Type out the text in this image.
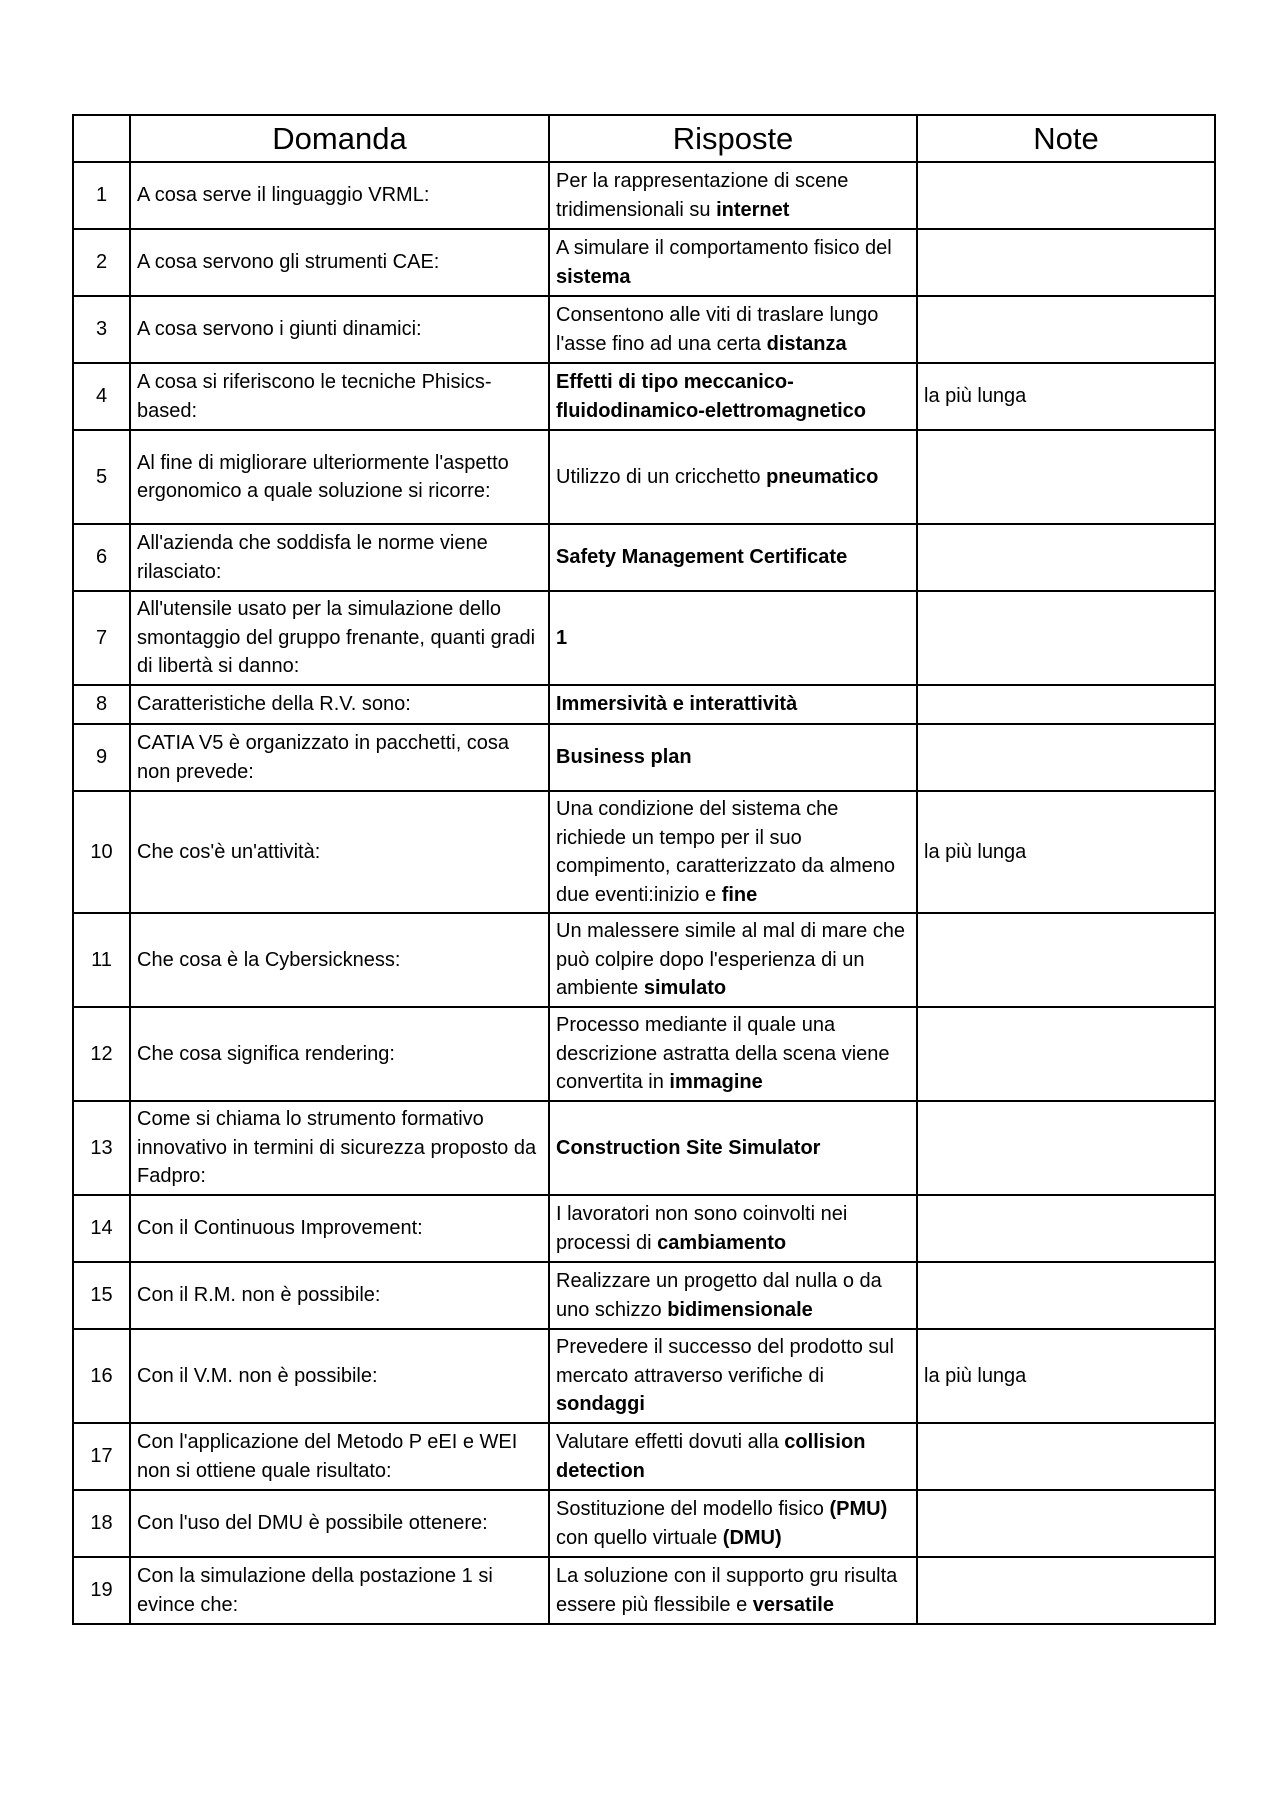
	Domanda	Risposte	Note
1	A cosa serve il linguaggio VRML:	Per la rappresentazione di scene tridimensionali su internet	
2	A cosa servono gli strumenti CAE:	A simulare il comportamento fisico del sistema	
3	A cosa servono i giunti dinamici:	Consentono alle viti di traslare lungo l'asse fino ad una certa distanza	
4	A cosa si riferiscono le tecniche Phisics-based:	Effetti di tipo meccanico-fluidodinamico-elettromagnetico	la più lunga
5	Al fine di migliorare ulteriormente l'aspetto ergonomico a quale soluzione si ricorre:	Utilizzo di un cricchetto pneumatico	
6	All'azienda che soddisfa le norme viene rilasciato:	Safety Management Certificate	
7	All'utensile usato per la simulazione dello smontaggio del gruppo frenante, quanti gradi di libertà si danno:	1	
8	Caratteristiche della R.V. sono:	Immersività e interattività	
9	CATIA V5 è organizzato in pacchetti, cosa non prevede:	Business plan	
10	Che cos'è un'attività:	Una condizione del sistema che richiede un tempo per il suo compimento, caratterizzato da almeno due eventi:inizio e fine	la più lunga
11	Che cosa è la Cybersickness:	Un malessere simile al mal di mare che può colpire dopo l'esperienza di un ambiente simulato	
12	Che cosa significa rendering:	Processo mediante il quale una descrizione astratta della scena viene convertita in immagine	
13	Come si chiama lo strumento formativo innovativo in termini di sicurezza proposto da Fadpro:	Construction Site Simulator	
14	Con il Continuous Improvement:	I lavoratori non sono coinvolti nei processi di cambiamento	
15	Con il R.M. non è possibile:	Realizzare un progetto dal nulla o da uno schizzo bidimensionale	
16	Con il V.M. non è possibile:	Prevedere il successo del prodotto sul mercato attraverso verifiche di sondaggi	la più lunga
17	Con l'applicazione del Metodo P eEI e WEI non si ottiene quale risultato:	Valutare effetti dovuti alla collision detection	
18	Con l'uso del DMU è possibile ottenere:	Sostituzione del modello fisico (PMU) con quello virtuale (DMU)	
19	Con la simulazione della postazione 1 si evince che:	La soluzione con il supporto gru risulta essere più flessibile e versatile	
